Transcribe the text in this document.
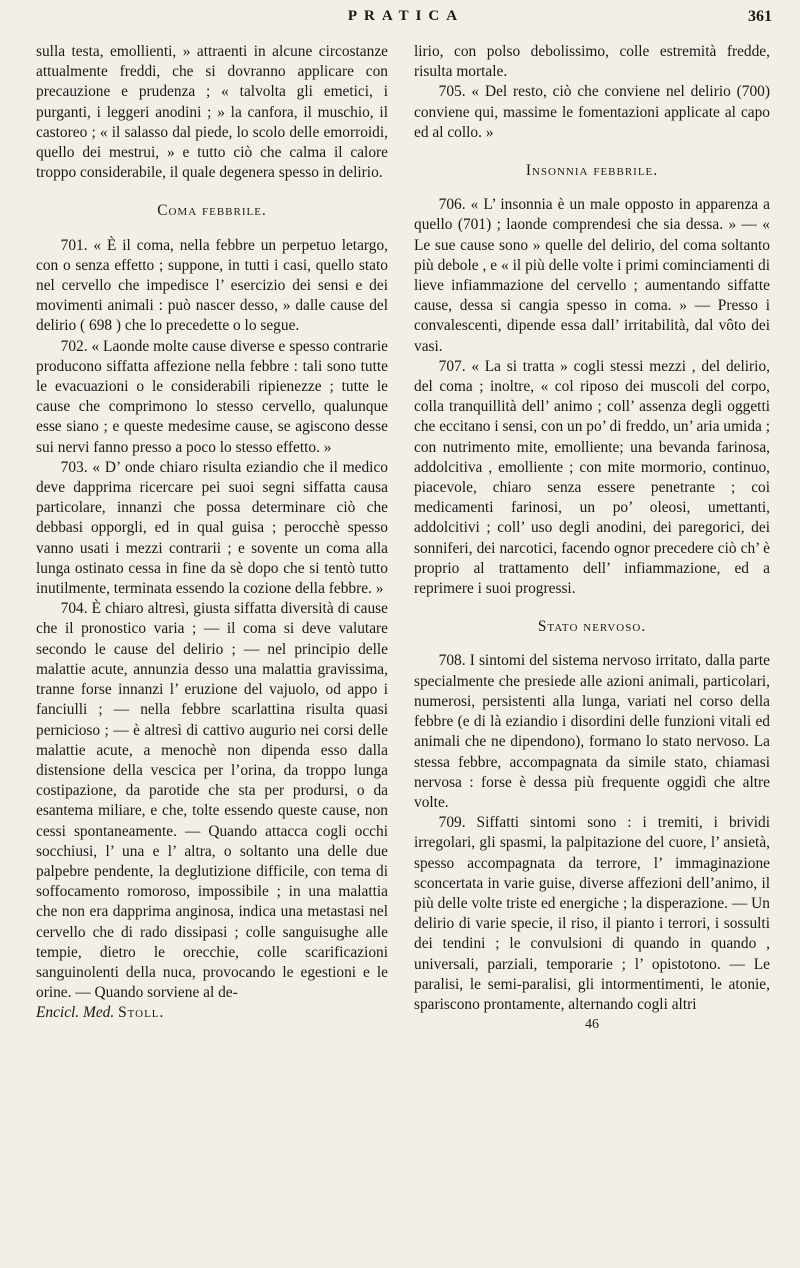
PRATICA	361

sulla testa, emollienti, » attraenti in alcune circostanze attualmente freddi, che si dovranno applicare con precauzione e prudenza ; « talvolta gli emetici, i purganti, i leggeri anodini ; » la canfora, il muschio, il castoreo ; « il salasso dal piede, lo scolo delle emorroidi, quello dei mestrui, » e tutto ciò che calma il calore troppo considerabile, il quale degenera spesso in delirio.

Coma febbrile.

701. « È il coma, nella febbre un perpetuo letargo, con o senza effetto ; suppone, in tutti i casi, quello stato nel cervello che impedisce l’ esercizio dei sensi e dei movimenti animali : può nascer desso, » dalle cause del delirio ( 698 ) che lo precedette o lo segue.

702. « Laonde molte cause diverse e spesso contrarie producono siffatta affezione nella febbre : tali sono tutte le evacuazioni o le considerabili ripienezze ; tutte le cause che comprimono lo stesso cervello, qualunque esse siano ; e queste medesime cause, se agiscono desse sui nervi fanno presso a poco lo stesso effetto. »

703. « D’ onde chiaro risulta eziandio che il medico deve dapprima ricercare pei suoi segni siffatta causa particolare, innanzi che possa determinare ciò che debbasi opporgli, ed in qual guisa ; perocchè spesso vanno usati i mezzi contrarii ; e sovente un coma alla lunga ostinato cessa in fine da sè dopo che si tentò tutto inutilmente, terminata essendo la cozione della febbre. »

704. È chiaro altresì, giusta siffatta diversità di cause che il pronostico varia ; — il coma si deve valutare secondo le cause del delirio ; — nel principio delle malattie acute, annunzia desso una malattia gravissima, tranne forse innanzi l’ eruzione del vajuolo, od appo i fanciulli ; — nella febbre scarlattina risulta quasi pernicioso ; — è altresì di cattivo augurio nei corsi delle malattie acute, a menochè non dipenda esso dalla distensione della vescica per l’orina, da troppo lunga costipazione, da parotide che sta per prodursi, o da esantema miliare, e che, tolte essendo queste cause, non cessi spontaneamente. — Quando attacca cogli occhi socchiusi, l’ una e l’ altra, o soltanto una delle due palpebre pendente, la deglutizione difficile, con tema di soffocamento romoroso, impossibile ; in una malattia che non era dapprima anginosa, indica una metastasi nel cervello che di rado dissipasi ; colle sanguisughe alle tempie, dietro le orecchie, colle scarificazioni sanguinolenti della nuca, provocando le egestioni e le orine. — Quando sorviene al de-

Encicl. Med. Stoll.

lirio, con polso debolissimo, colle estremità fredde, risulta mortale.

705. « Del resto, ciò che conviene nel delirio (700) conviene qui, massime le fomentazioni applicate al capo ed al collo. »

Insonnia febbrile.

706. « L’ insonnia è un male opposto in apparenza a quello (701) ; laonde comprendesi che sia dessa. » — « Le sue cause sono » quelle del delirio, del coma soltanto più debole , e « il più delle volte i primi cominciamenti di lieve infiammazione del cervello ; aumentando siffatte cause, dessa si cangia spesso in coma. » — Presso i convalescenti, dipende essa dall’ irritabilità, dal vôto dei vasi.

707. « La si tratta » cogli stessi mezzi , del delirio, del coma ; inoltre, « col riposo dei muscoli del corpo, colla tranquillità dell’ animo ; coll’ assenza degli oggetti che eccitano i sensi, con un po’ di freddo, un’ aria umida ; con nutrimento mite, emolliente; una bevanda farinosa, addolcitiva , emolliente ; con mite mormorio, continuo, piacevole, chiaro senza essere penetrante ; coi medicamenti farinosi, un po’ oleosi, umettanti, addolcitivi ; coll’ uso degli anodini, dei paregorici, dei sonniferi, dei narcotici, facendo ognor precedere ciò ch’ è proprio al trattamento dell’ infiammazione, ed a reprimere i suoi progressi.

Stato nervoso.

708. I sintomi del sistema nervoso irritato, dalla parte specialmente che presiede alle azioni animali, particolari, numerosi, persistenti alla lunga, variati nel corso della febbre (e di là eziandio i disordini delle funzioni vitali ed animali che ne dipendono), formano lo stato nervoso. La stessa febbre, accompagnata da simile stato, chiamasi nervosa : forse è dessa più frequente oggidì che altre volte.

709. Siffatti sintomi sono : i tremiti, i brividi irregolari, gli spasmi, la palpitazione del cuore, l’ ansietà, spesso accompagnata da terrore, l’ immaginazione sconcertata in varie guise, diverse affezioni dell’animo, il più delle volte triste ed energiche ; la disperazione. — Un delirio di varie specie, il riso, il pianto i terrori, i sossulti dei tendini ; le convulsioni di quando in quando , universali, parziali, temporarie ; l’ opistotono. — Le paralisi, le semi-paralisi, gli intormentimenti, le atonie, spariscono prontamente, alternando cogli altri

46
